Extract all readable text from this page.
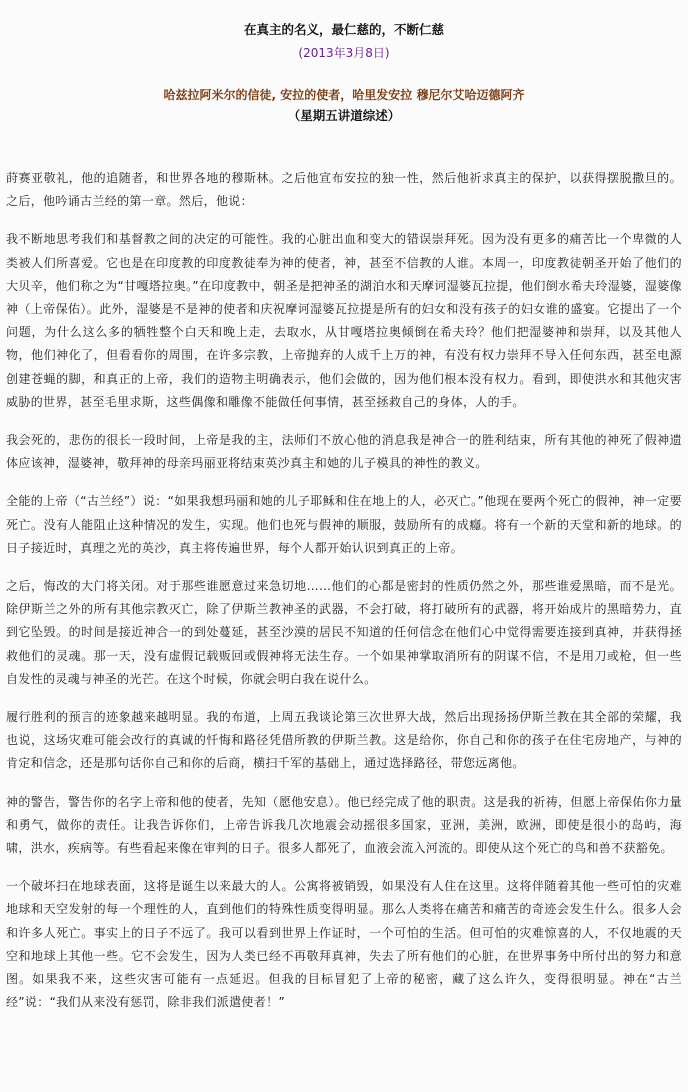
在真主的名义，最仁慈的，不断仁慈

(2013年3月8日)

哈兹拉阿米尔的信徒, 安拉的使者，哈里发安拉 穆尼尔艾哈迈德阿齐

（星期五讲道综述）

莳赛亚敬礼，他的追随者，和世界各地的穆斯林。之后他宣布安拉的独一性，然后他祈求真主的保护，以获得摆脱撒旦的。之后，他吟诵古兰经的第一章。然后，他说：

我不断地思考我们和基督教之间的决定的可能性。我的心脏出血和变大的错误崇拜死。因为没有更多的痛苦比一个卑微的人类被人们所喜爱。它也是在印度教的印度教徒奉为神的使者，神，甚至不信教的人谁。本周一，印度教徒朝圣开始了他们的大贝辛，他们称之为“甘嘎塔拉奥。”在印度教中，朝圣是把神圣的湖泊水和天摩诃湿婆瓦拉提，他们倒水希夫玲湿婆，湿婆像神（上帝保佑）。此外，湿婆是不是神的使者和庆祝摩诃湿婆瓦拉提是所有的妇女和没有孩子的妇女谁的盛宴。它提出了一个问题，为什么这么多的牺牲整个白天和晚上走，去取水，从甘嘎塔拉奥倾倒在希夫玲？他们把湿婆神和崇拜，以及其他人物，他们神化了，但看看你的周围，在许多宗教，上帝抛弃的人成千上万的神，有没有权力崇拜不导入任何东西，甚至电源创建苍蝇的脚，和真正的上帝，我们的造物主明确表示，他们会做的，因为他们根本没有权力。看到，即使洪水和其他灾害威胁的世界，甚至毛里求斯，这些偶像和雕像不能做任何事情，甚至拯救自己的身体，人的手。

我会死的，悲伤的很长一段时间，上帝是我的主，法师们不放心他的消息我是神合一的胜利结束，所有其他的神死了假神遗体应该神，湿婆神，敬拜神的母亲玛丽亚将结束英沙真主和她的儿子模具的神性的教义。

全能的上帝（“古兰经”）说：“如果我想玛丽和她的儿子耶稣和住在地上的人，必灭亡。”他现在要两个死亡的假神，神一定要死亡。没有人能阻止这种情况的发生，实现。他们也死与假神的顺服，鼓励所有的成癮。将有一个新的天堂和新的地球。的日子接近时，真理之光的英沙，真主将传遍世界，每个人都开始认识到真正的上帝。

之后，悔改的大门将关闭。对于那些谁愿意过来急切地……他们的心都是密封的性质仍然之外，那些谁爱黑暗，而不是光。除伊斯兰之外的所有其他宗教灭亡，除了伊斯兰教神圣的武器，不会打破，将打破所有的武器，将开始成片的黑暗势力，直到它坠毁。的时间是接近神合一的到处蔓延，甚至沙漠的居民不知道的任何信念在他们心中觉得需要连接到真神，并获得拯救他们的灵魂。那一天，没有虚假记载贩回或假神将无法生存。一个如果神掌取消所有的阴谋不信，不是用刀或枪，但一些自发性的灵魂与神圣的光芒。在这个时候，你就会明白我在说什么。

履行胜利的预言的迹象越来越明显。我的布道，上周五我谈论第三次世界大战，然后出现扬扬伊斯兰教在其全部的荣耀，我也说，这场灾难可能会改行的真诚的忏悔和路径凭借所教的伊斯兰教。这是给你，你自己和你的孩子在住宅房地产，与神的肯定和信念，还是那句话你自己和你的后商，横扫千军的基础上，通过选择路径，带您远离他。

神的警告，警告你的名字上帝和他的使者，先知（愿他安息）。他已经完成了他的职责。这是我的祈祷，但愿上帝保佑你力量和勇气，做你的责任。让我告诉你们，上帝告诉我几次地震会动摇很多国家，亚洲，美洲，欧洲，即使是很小的岛屿，海啸，洪水，疾病等。有些看起来像在审判的日子。很多人都死了，血液会流入河流的。即使从这个死亡的鸟和兽不获豁免。

一个破坏扫在地球表面，这将是诞生以来最大的人。公寓将被销毁，如果没有人住在这里。这将伴随着其他一些可怕的灾难地球和天空发射的每一个理性的人，直到他们的特殊性质变得明显。那么人类将在痛苦和痛苦的奇迹会发生什么。很多人会和许多人死亡。事实上的日子不远了。我可以看到世界上作证时，一个可怕的生活。但可怕的灾难惊喜的人，不仅地震的天空和地球上其他一些。它不会发生，因为人类已经不再敬拜真神，失去了所有他们的心脏，在世界事务中所付出的努力和意图。如果我不来，这些灾害可能有一点延迟。但我的目标冒犯了上帝的秘密，藏了这么许久，变得很明显。神在“古兰经”说：“我们从来没有惩罚，除非我们派遣使者！”
